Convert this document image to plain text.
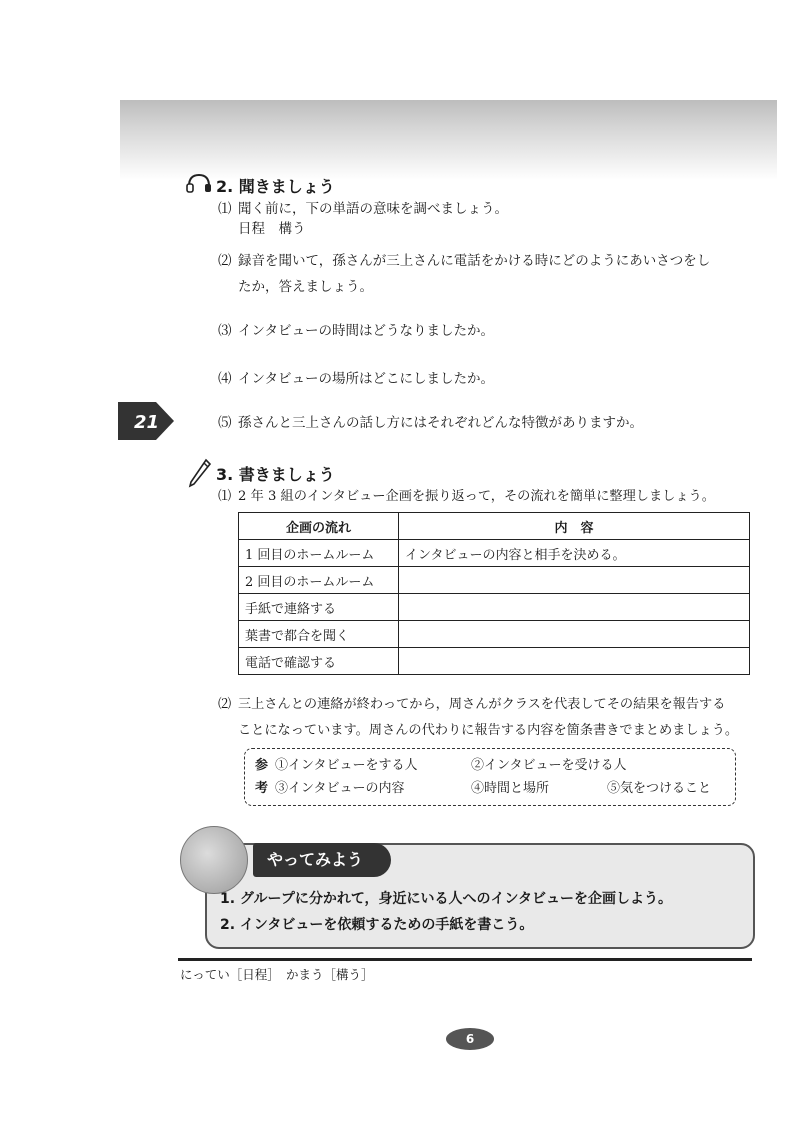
2. 聞きましょう
⑴ 聞く前に，下の単語の意味を調べましょう。
日程　構う
⑵ 録音を聞いて，孫さんが三上さんに電話をかける時にどのようにあいさつをし
たか，答えましょう。
⑶ インタビューの時間はどうなりましたか。
⑷ インタビューの場所はどこにしましたか。
21	⑸ 孫さんと三上さんの話し方にはそれぞれどんな特徴がありますか。
3. 書きましょう
⑴ 2 年 3 組のインタビュー企画を振り返って，その流れを簡単に整理しましょう。
企画の流れ	内　容
1 回目のホームルーム	インタビューの内容と相手を決める。
2 回目のホームルーム	
手紙で連絡する	
葉書で都合を聞く	
電話で確認する	
⑵ 三上さんとの連絡が終わってから，周さんがクラスを代表してその結果を報告する
ことになっています。周さんの代わりに報告する内容を箇条書きでまとめましょう。
参 ①インタビューをする人	②インタビューを受ける人
考 ③インタビューの内容	④時間と場所	⑤気をつけること
やってみよう
1. グループに分かれて，身近にいる人へのインタビューを企画しよう。
2. インタビューを依頼するための手紙を書こう。
にってい［日程］　かまう［構う］
6
